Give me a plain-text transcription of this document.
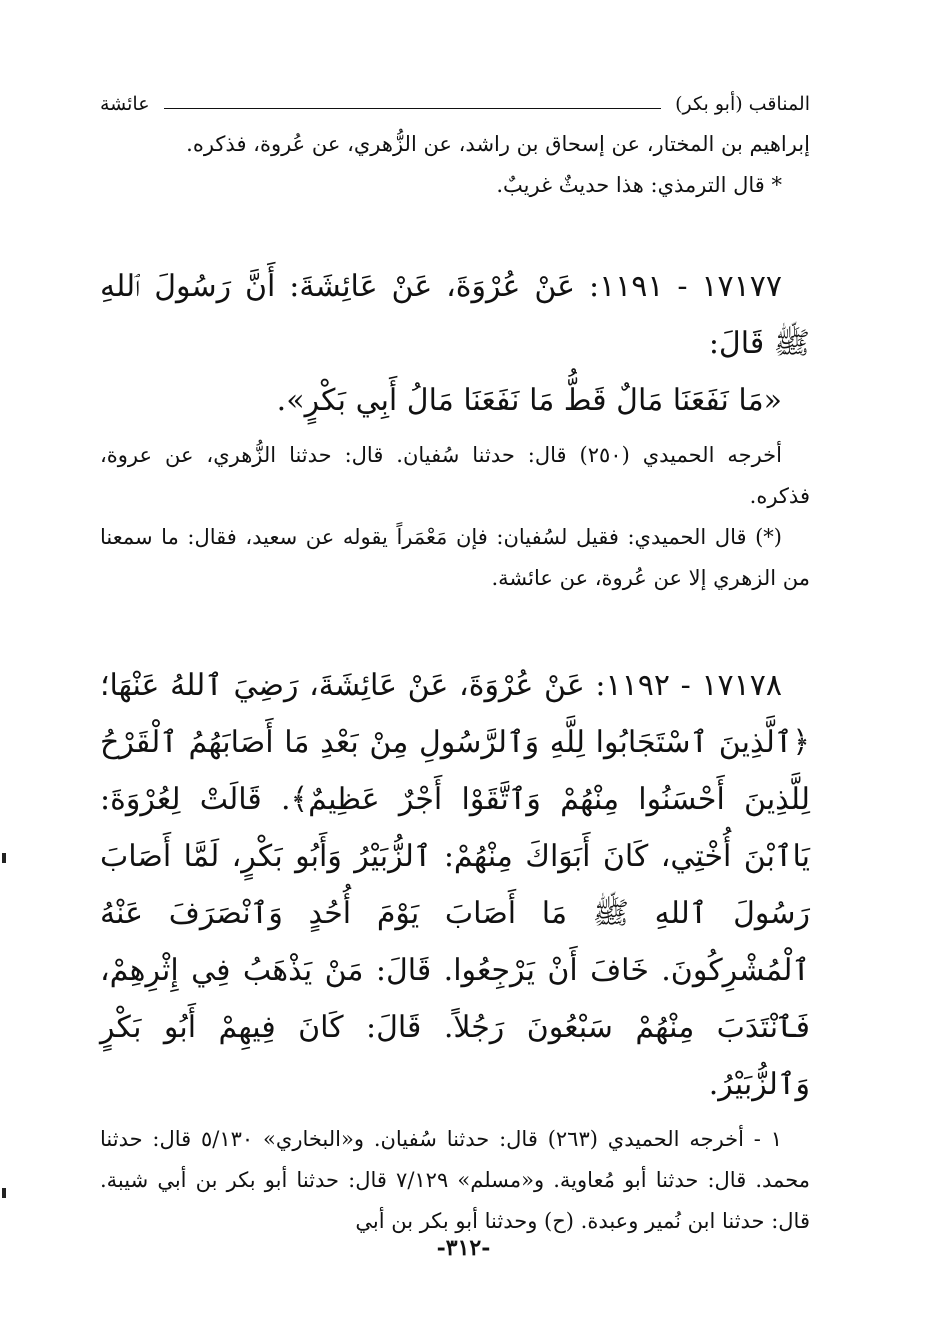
المناقب (أبو بكر)
عائشة

إبراهيم بن المختار، عن إسحاق بن راشد، عن الزُّهري، عن عُروة، فذكره.

* قال الترمذي: هذا حديثٌ غريبٌ.

١٧١٧٧ - ١١٩١: عَنْ عُرْوَةَ، عَنْ عَائِشَةَ: أَنَّ رَسُولَ ٱللهِ ﷺ قَالَ:

«مَا نَفَعَنَا مَالٌ قَطُّ مَا نَفَعَنَا مَالُ أَبِي بَكْرٍ».

أخرجه الحميدي (٢٥٠) قال: حدثنا سُفيان. قال: حدثنا الزُّهري، عن عروة، فذكره.

(*) قال الحميدي: فقيل لسُفيان: فإن مَعْمَراً يقوله عن سعيد، فقال: ما سمعنا من الزهري إلا عن عُروة، عن عائشة.

١٧١٧٨ - ١١٩٢: عَنْ عُرْوَةَ، عَنْ عَائِشَةَ، رَضِيَ ٱللهُ عَنْهَا؛ ﴿ٱلَّذِينَ ٱسْتَجَابُوا لِلَّهِ وَٱلرَّسُولِ مِنْ بَعْدِ مَا أَصَابَهُمُ ٱلْقَرْحُ لِلَّذِينَ أَحْسَنُوا مِنْهُمْ وَٱتَّقَوْا أَجْرٌ عَظِيمٌ﴾. قَالَتْ لِعُرْوَةَ: يَاٱبْنَ أُخْتِي، كَانَ أَبَوَاكَ مِنْهُمْ: ٱلزُّبَيْرُ وَأَبُو بَكْرٍ، لَمَّا أَصَابَ رَسُولَ ٱللهِ ﷺ مَا أَصَابَ يَوْمَ أُحُدٍ وَٱنْصَرَفَ عَنْهُ ٱلْمُشْرِكُونَ. خَافَ أَنْ يَرْجِعُوا. قَالَ: مَنْ يَذْهَبُ فِي إِثْرِهِمْ، فَٱنْتَدَبَ مِنْهُمْ سَبْعُونَ رَجُلاً. قَالَ: كَانَ فِيهِمْ أَبُو بَكْرٍ وَٱلزُّبَيْرُ.

١ - أخرجه الحميدي (٢٦٣) قال: حدثنا سُفيان. و«البخاري» ٥/١٣٠ قال: حدثنا محمد. قال: حدثنا أبو مُعاوية. و«مسلم» ٧/١٢٩ قال: حدثنا أبو بكر بن أبي شيبة. قال: حدثنا ابن نُمير وعبدة. (ح) وحدثنا أبو بكر بن أبي

-٣١٢-
